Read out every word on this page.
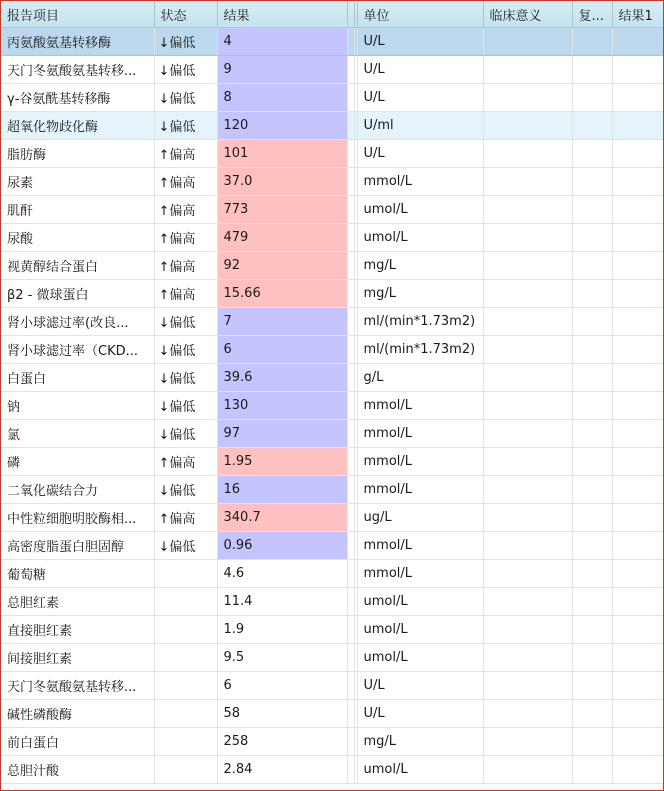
报告项目	状态	结果			单位	临床意义	复...	结果1
丙氨酸氨基转移酶	↓偏低	4			U/L			
天门冬氨酸氨基转移...	↓偏低	9			U/L			
γ-谷氨酰基转移酶	↓偏低	8			U/L			
超氧化物歧化酶	↓偏低	120			U/ml			
脂肪酶	↑偏高	101			U/L			
尿素	↑偏高	37.0			mmol/L			
肌酐	↑偏高	773			umol/L			
尿酸	↑偏高	479			umol/L			
视黄醇结合蛋白	↑偏高	92			mg/L			
β2 - 微球蛋白	↑偏高	15.66			mg/L			
肾小球滤过率(改良...	↓偏低	7			ml/(min*1.73m2)			
肾小球滤过率（CKD...	↓偏低	6			ml/(min*1.73m2)			
白蛋白	↓偏低	39.6			g/L			
钠	↓偏低	130			mmol/L			
氯	↓偏低	97			mmol/L			
磷	↑偏高	1.95			mmol/L			
二氧化碳结合力	↓偏低	16			mmol/L			
中性粒细胞明胶酶相...	↑偏高	340.7			ug/L			
高密度脂蛋白胆固醇	↓偏低	0.96			mmol/L			
葡萄糖		4.6			mmol/L			
总胆红素		11.4			umol/L			
直接胆红素		1.9			umol/L			
间接胆红素		9.5			umol/L			
天门冬氨酸氨基转移...		6			U/L			
碱性磷酸酶		58			U/L			
前白蛋白		258			mg/L			
总胆汁酸		2.84			umol/L			
